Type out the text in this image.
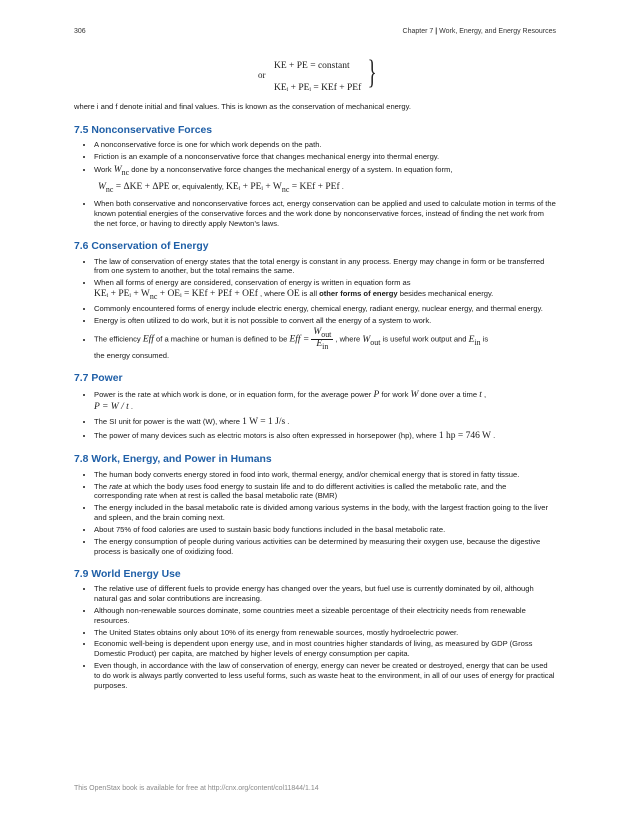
306	Chapter 7 | Work, Energy, and Energy Resources
KE + PE = constant
or
KEᵢ + PEᵢ = KEf + PEf }
where i and f denote initial and final values. This is known as the conservation of mechanical energy.
7.5 Nonconservative Forces
• A nonconservative force is one for which work depends on the path.
• Friction is an example of a nonconservative force that changes mechanical energy into thermal energy.
• Work $W_{nc}$ done by a nonconservative force changes the mechanical energy of a system. In equation form,
$W_{nc} = \Delta KE + \Delta PE$ or, equivalently, KEᵢ + PEᵢ + $W_{nc}$ = KEf + PEf .
• When both conservative and nonconservative forces act, energy conservation can be applied and used to calculate motion in terms of the known potential energies of the conservative forces and the work done by nonconservative forces, instead of finding the net work from the net force, or having to directly apply Newton’s laws.
7.6 Conservation of Energy
• The law of conservation of energy states that the total energy is constant in any process. Energy may change in form or be transferred from one system to another, but the total remains the same.
• When all forms of energy are considered, conservation of energy is written in equation form as
KEᵢ + PEᵢ + $W_{nc}$ + OEᵢ = KEf + PEf + OEf , where OE is all other forms of energy besides mechanical energy.
• Commonly encountered forms of energy include electric energy, chemical energy, radiant energy, nuclear energy, and thermal energy.
• Energy is often utilized to do work, but it is not possible to convert all the energy of a system to work.
• The efficiency Eff of a machine or human is defined to be Eff = $\frac{W_{out}}{E_{in}}$ , where $W_{out}$ is useful work output and $E_{in}$ is
the energy consumed.
7.7 Power
• Power is the rate at which work is done, or in equation form, for the average power P for work W done over a time t ,
P = W / t .
• The SI unit for power is the watt (W), where 1 W = 1 J/s .
• The power of many devices such as electric motors is also often expressed in horsepower (hp), where 1 hp = 746 W .
7.8 Work, Energy, and Power in Humans
• The human body converts energy stored in food into work, thermal energy, and/or chemical energy that is stored in fatty tissue.
• The rate at which the body uses food energy to sustain life and to do different activities is called the metabolic rate, and the corresponding rate when at rest is called the basal metabolic rate (BMR)
• The energy included in the basal metabolic rate is divided among various systems in the body, with the largest fraction going to the liver and spleen, and the brain coming next.
• About 75% of food calories are used to sustain basic body functions included in the basal metabolic rate.
• The energy consumption of people during various activities can be determined by measuring their oxygen use, because the digestive process is basically one of oxidizing food.
7.9 World Energy Use
• The relative use of different fuels to provide energy has changed over the years, but fuel use is currently dominated by oil, although natural gas and solar contributions are increasing.
• Although non-renewable sources dominate, some countries meet a sizeable percentage of their electricity needs from renewable resources.
• The United States obtains only about 10% of its energy from renewable sources, mostly hydroelectric power.
• Economic well-being is dependent upon energy use, and in most countries higher standards of living, as measured by GDP (Gross Domestic Product) per capita, are matched by higher levels of energy consumption per capita.
• Even though, in accordance with the law of conservation of energy, energy can never be created or destroyed, energy that can be used to do work is always partly converted to less useful forms, such as waste heat to the environment, in all of our uses of energy for practical purposes.
This OpenStax book is available for free at http://cnx.org/content/col11844/1.14
